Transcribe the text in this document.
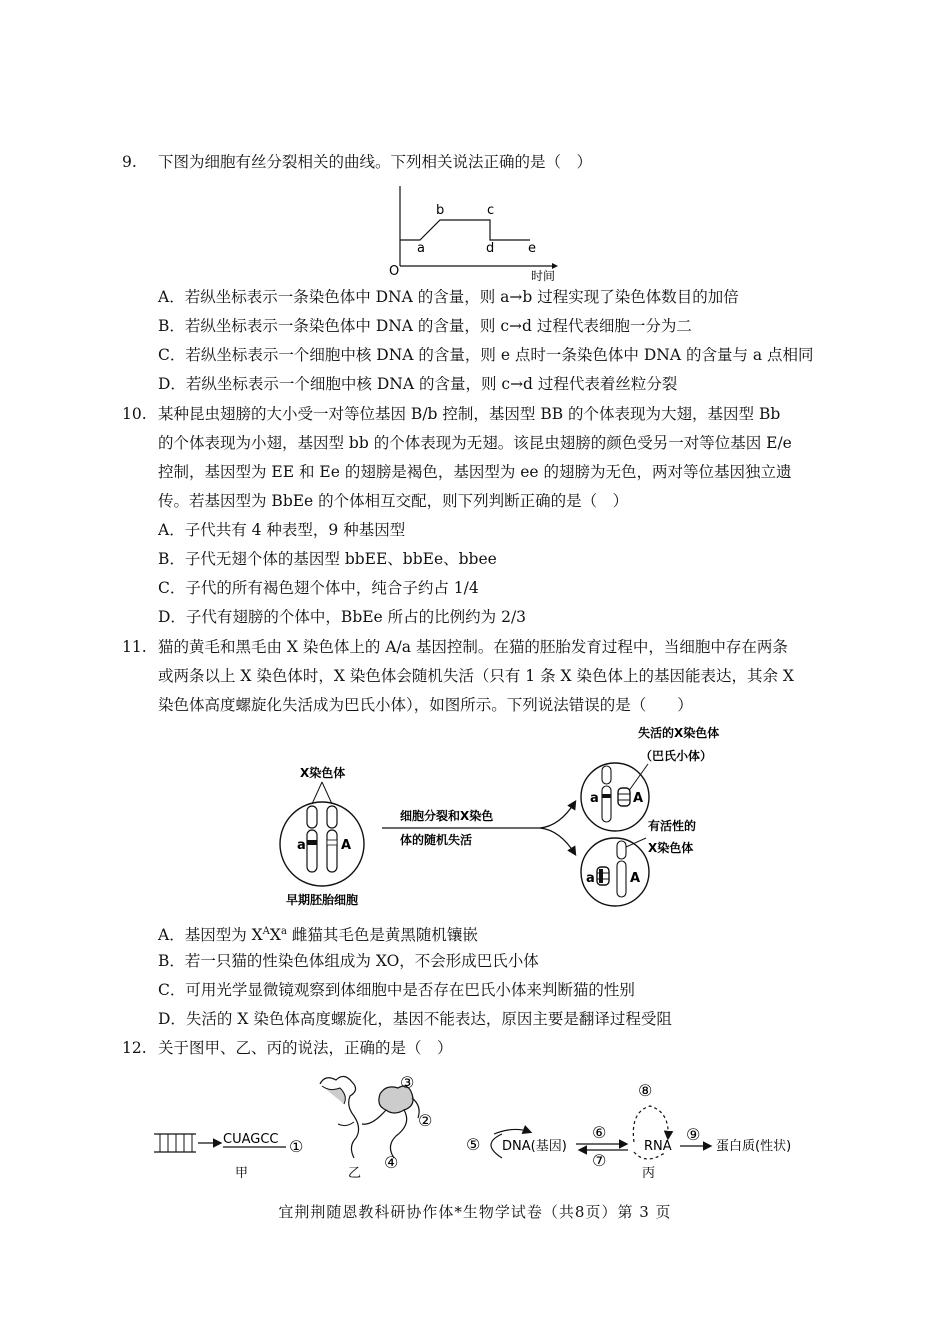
9. 下图为细胞有丝分裂相关的曲线。下列相关说法正确的是（　）
a
b	c
d	e
O	时间
A．若纵坐标表示一条染色体中 DNA 的含量，则 a→b 过程实现了染色体数目的加倍
B．若纵坐标表示一条染色体中 DNA 的含量，则 c→d 过程代表细胞一分为二
C．若纵坐标表示一个细胞中核 DNA 的含量，则 e 点时一条染色体中 DNA 的含量与 a 点相同
D．若纵坐标表示一个细胞中核 DNA 的含量，则 c→d 过程代表着丝粒分裂
10. 某种昆虫翅膀的大小受一对等位基因 B/b 控制，基因型 BB 的个体表现为大翅，基因型 Bb
的个体表现为小翅，基因型 bb 的个体表现为无翅。该昆虫翅膀的颜色受另一对等位基因 E/e
控制，基因型为 EE 和 Ee 的翅膀是褐色，基因型为 ee 的翅膀为无色，两对等位基因独立遗
传。若基因型为 BbEe 的个体相互交配，则下列判断正确的是（　）
A．子代共有 4 种表型，9 种基因型
B．子代无翅个体的基因型 bbEE、bbEe、bbee
C．子代的所有褐色翅个体中，纯合子约占 1/4
D．子代有翅膀的个体中，BbEe 所占的比例约为 2/3
11. 猫的黄毛和黑毛由 X 染色体上的 A/a 基因控制。在猫的胚胎发育过程中，当细胞中存在两条
或两条以上 X 染色体时，X 染色体会随机失活（只有 1 条 X 染色体上的基因能表达，其余 X
染色体高度螺旋化失活成为巴氏小体），如图所示。下列说法错误的是（　　）
X染色体
a	A
早期胚胎细胞
细胞分裂和X染色
体的随机失活
失活的X染色体
（巴氏小体）
a	A
有活性的
X染色体
a	A
A．基因型为 $X^AX^a$ 雌猫其毛色是黄黑随机镶嵌
B．若一只猫的性染色体组成为 XO，不会形成巴氏小体
C．可用光学显微镜观察到体细胞中是否存在巴氏小体来判断猫的性别
D．失活的 X 染色体高度螺旋化，基因不能表达，原因主要是翻译过程受阻
12. 关于图甲、乙、丙的说法，正确的是（　）
CUAGCC ①
甲
③
②
④
乙
⑤ DNA(基因)
⑥
⑦
⑧
RNA
⑨
蛋白质(性状)
丙
宜荆荆随恩教科研协作体*生物学试卷（共8页）第 3 页
